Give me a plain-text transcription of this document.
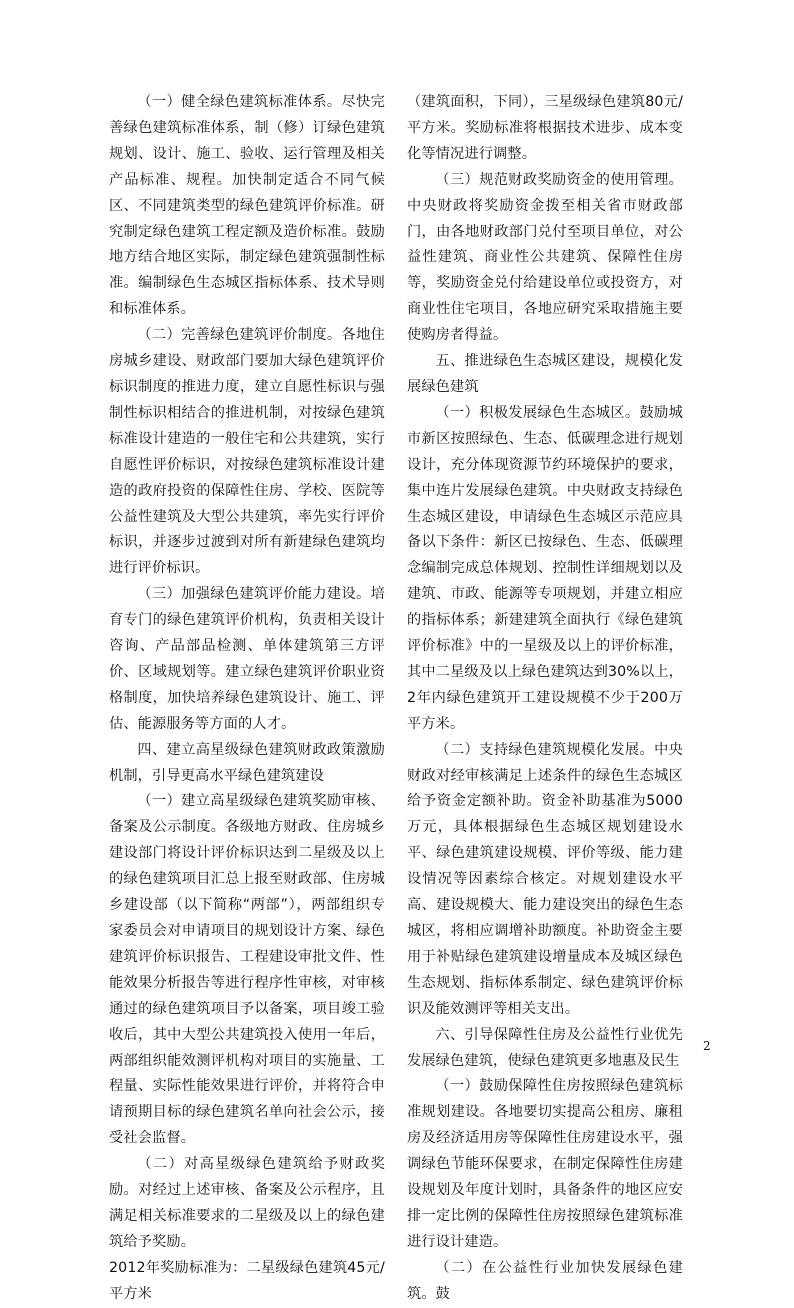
（一）健全绿色建筑标准体系。尽快完善绿色建筑标准体系，制（修）订绿色建筑规划、设计、施工、验收、运行管理及相关产品标准、规程。加快制定适合不同气候区、不同建筑类型的绿色建筑评价标准。研究制定绿色建筑工程定额及造价标准。鼓励地方结合地区实际，制定绿色建筑强制性标准。编制绿色生态城区指标体系、技术导则和标准体系。

（二）完善绿色建筑评价制度。各地住房城乡建设、财政部门要加大绿色建筑评价标识制度的推进力度，建立自愿性标识与强制性标识相结合的推进机制，对按绿色建筑标准设计建造的一般住宅和公共建筑，实行自愿性评价标识，对按绿色建筑标准设计建造的政府投资的保障性住房、学校、医院等公益性建筑及大型公共建筑，率先实行评价标识，并逐步过渡到对所有新建绿色建筑均进行评价标识。

（三）加强绿色建筑评价能力建设。培育专门的绿色建筑评价机构，负责相关设计咨询、产品部品检测、单体建筑第三方评价、区域规划等。建立绿色建筑评价职业资格制度，加快培养绿色建筑设计、施工、评估、能源服务等方面的人才。

四、建立高星级绿色建筑财政政策激励机制，引导更高水平绿色建筑建设

（一）建立高星级绿色建筑奖励审核、备案及公示制度。各级地方财政、住房城乡建设部门将设计评价标识达到二星级及以上的绿色建筑项目汇总上报至财政部、住房城乡建设部（以下简称“两部”），两部组织专家委员会对申请项目的规划设计方案、绿色建筑评价标识报告、工程建设审批文件、性能效果分析报告等进行程序性审核，对审核通过的绿色建筑项目予以备案，项目竣工验收后，其中大型公共建筑投入使用一年后，两部组织能效测评机构对项目的实施量、工程量、实际性能效果进行评价，并将符合申请预期目标的绿色建筑名单向社会公示，接受社会监督。

（二）对高星级绿色建筑给予财政奖励。对经过上述审核、备案及公示程序，且满足相关标准要求的二星级及以上的绿色建筑给予奖励。

2012年奖励标准为：二星级绿色建筑45元/平方米

（建筑面积，下同），三星级绿色建筑80元/平方米。奖励标准将根据技术进步、成本变化等情况进行调整。

（三）规范财政奖励资金的使用管理。中央财政将奖励资金拨至相关省市财政部门，由各地财政部门兑付至项目单位，对公益性建筑、商业性公共建筑、保障性住房等，奖励资金兑付给建设单位或投资方，对商业性住宅项目，各地应研究采取措施主要使购房者得益。

五、推进绿色生态城区建设，规模化发展绿色建筑

（一）积极发展绿色生态城区。鼓励城市新区按照绿色、生态、低碳理念进行规划设计，充分体现资源节约环境保护的要求，集中连片发展绿色建筑。中央财政支持绿色生态城区建设，申请绿色生态城区示范应具备以下条件：新区已按绿色、生态、低碳理念编制完成总体规划、控制性详细规划以及建筑、市政、能源等专项规划，并建立相应的指标体系；新建建筑全面执行《绿色建筑评价标准》中的一星级及以上的评价标准，其中二星级及以上绿色建筑达到30%以上，2年内绿色建筑开工建设规模不少于200万平方米。

（二）支持绿色建筑规模化发展。中央财政对经审核满足上述条件的绿色生态城区给予资金定额补助。资金补助基准为5000万元，具体根据绿色生态城区规划建设水平、绿色建筑建设规模、评价等级、能力建设情况等因素综合核定。对规划建设水平高、建设规模大、能力建设突出的绿色生态城区，将相应调增补助额度。补助资金主要用于补贴绿色建筑建设增量成本及城区绿色生态规划、指标体系制定、绿色建筑评价标识及能效测评等相关支出。

六、引导保障性住房及公益性行业优先发展绿色建筑，使绿色建筑更多地惠及民生

（一）鼓励保障性住房按照绿色建筑标准规划建设。各地要切实提高公租房、廉租房及经济适用房等保障性住房建设水平，强调绿色节能环保要求，在制定保障性住房建设规划及年度计划时，具备条件的地区应安排一定比例的保障性住房按照绿色建筑标准进行设计建造。

（二）在公益性行业加快发展绿色建筑。鼓

2
